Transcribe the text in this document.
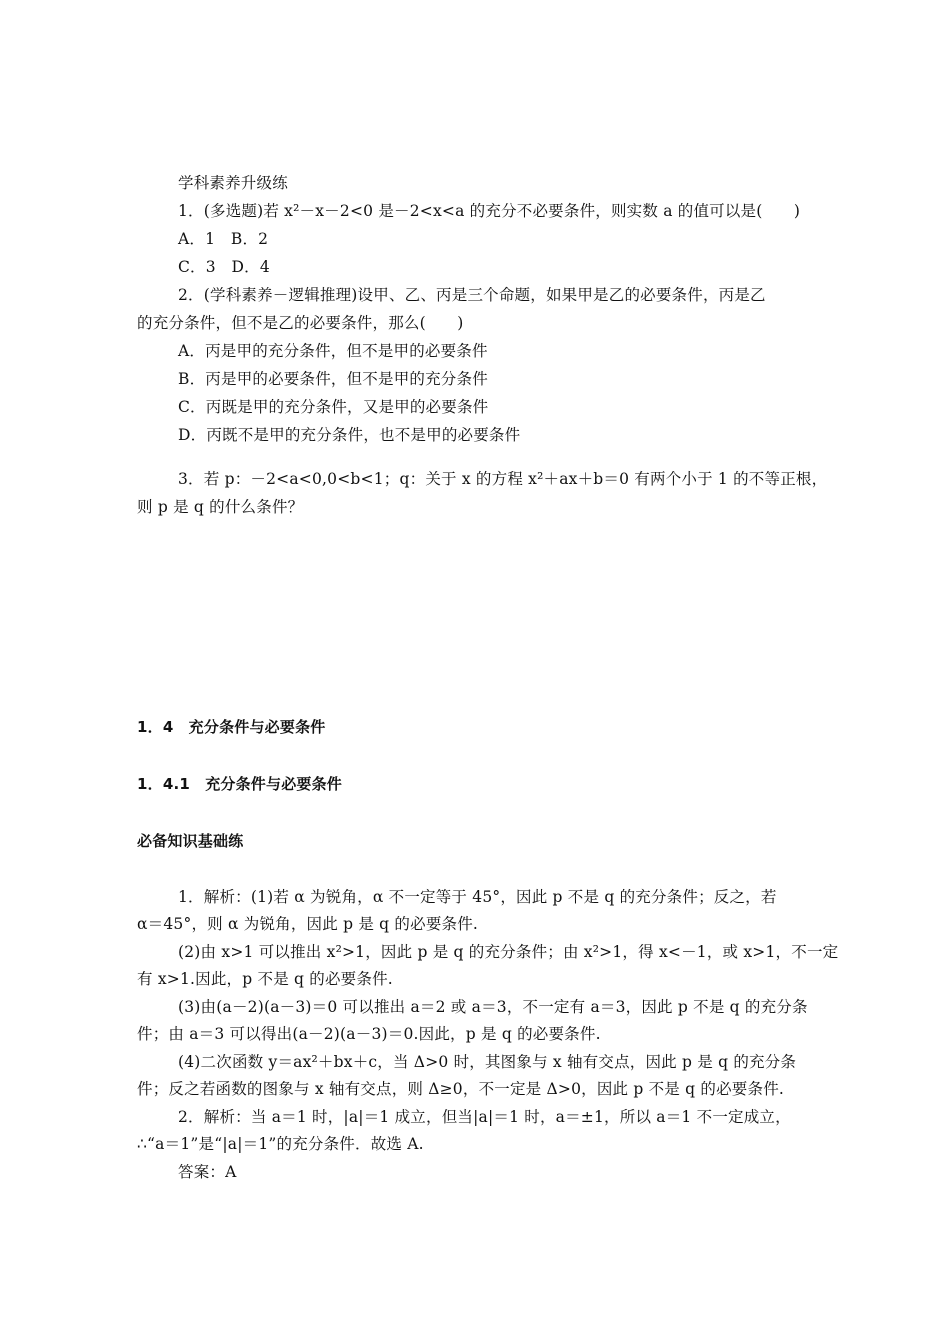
学科素养升级练
1．(多选题)若 x²－x－2<0 是－2<x<a 的充分不必要条件，则实数 a 的值可以是(　　)
A．1　B．2
C．3　D．4
2．(学科素养－逻辑推理)设甲、乙、丙是三个命题，如果甲是乙的必要条件，丙是乙
的充分条件，但不是乙的必要条件，那么(　　)
A．丙是甲的充分条件，但不是甲的必要条件
B．丙是甲的必要条件，但不是甲的充分条件
C．丙既是甲的充分条件，又是甲的必要条件
D．丙既不是甲的充分条件，也不是甲的必要条件
3．若 p：－2<a<0,0<b<1；q：关于 x 的方程 x²＋ax＋b＝0 有两个小于 1 的不等正根，
则 p 是 q 的什么条件？
1．4　充分条件与必要条件
1．4.1　充分条件与必要条件
必备知识基础练
1．解析：(1)若 α 为锐角，α 不一定等于 45°，因此 p 不是 q 的充分条件；反之，若
α＝45°，则 α 为锐角，因此 p 是 q 的必要条件.
(2)由 x>1 可以推出 x²>1，因此 p 是 q 的充分条件；由 x²>1，得 x<－1，或 x>1，不一定
有 x>1.因此，p 不是 q 的必要条件.
(3)由(a－2)(a－3)＝0 可以推出 a＝2 或 a＝3，不一定有 a＝3，因此 p 不是 q 的充分条
件；由 a＝3 可以得出(a－2)(a－3)＝0.因此，p 是 q 的必要条件.
(4)二次函数 y＝ax²＋bx＋c，当 Δ>0 时，其图象与 x 轴有交点，因此 p 是 q 的充分条
件；反之若函数的图象与 x 轴有交点，则 Δ≥0，不一定是 Δ>0，因此 p 不是 q 的必要条件.
2．解析：当 a＝1 时，|a|＝1 成立，但当|a|＝1 时，a＝±1，所以 a＝1 不一定成立，
∴“a＝1”是“|a|＝1”的充分条件．故选 A.
答案：A
